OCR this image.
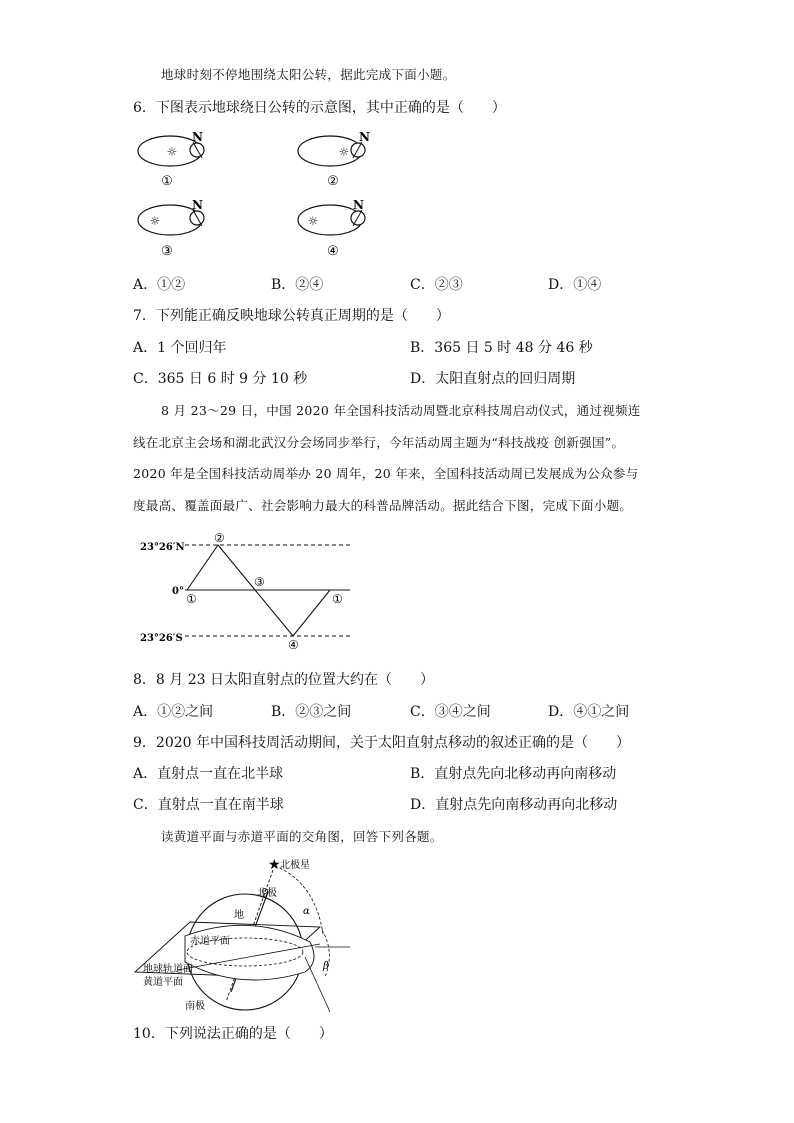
地球时刻不停地围绕太阳公转，据此完成下面小题。
6．下图表示地球绕日公转的示意图，其中正确的是（　　）
☼
N
①
☼
N
②
☼
N
③
☼
N
④
A．①②	B．②④	C．②③	D．①④
7．下列能正确反映地球公转真正周期的是（　　）
A．1 个回归年	B．365 日 5 时 48 分 46 秒
C．365 日 6 时 9 分 10 秒	D．太阳直射点的回归周期
8 月 23～29 日，中国 2020 年全国科技活动周暨北京科技周启动仪式，通过视频连
线在北京主会场和湖北武汉分会场同步举行，今年活动周主题为“科技战疫 创新强国”。
2020 年是全国科技活动周举办 20 周年，20 年来，全国科技活动周已发展成为公众参与
度最高、覆盖面最广、社会影响力最大的科普品牌活动。据此结合下图，完成下面小题。
23°26′N
0°
23°26′S
①
②
③
④
①
8．8 月 23 日太阳直射点的位置大约在（　　）
A．①②之间	B．②③之间	C．③④之间	D．④①之间
9．2020 年中国科技周活动期间，关于太阳直射点移动的叙述正确的是（　　）
A．直射点一直在北半球	B．直射点先向北移动再向南移动
C．直射点一直在南半球	D．直射点先向南移动再向北移动
读黄道平面与赤道平面的交角图，回答下列各题。
★ 北极星
α
北极
地
赤道平面
β
地球轨道面
黄道平面
南极
10．下列说法正确的是（　　）
